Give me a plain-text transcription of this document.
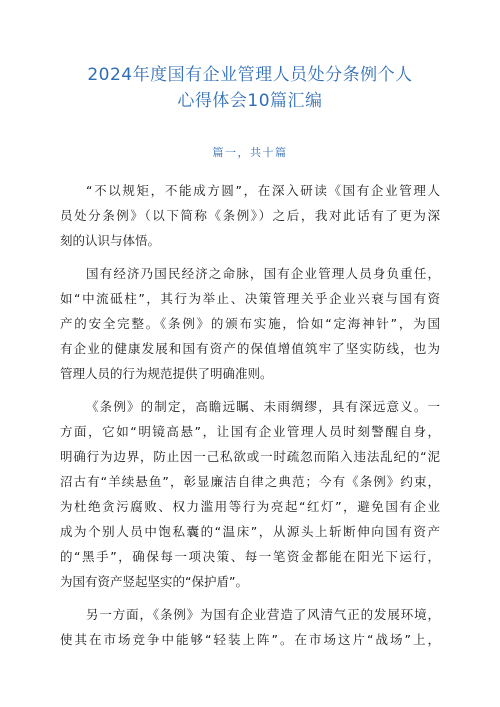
2024年度国有企业管理人员处分条例个人
心得体会10篇汇编
篇一，共十篇
“不以规矩，不能成方圆”，在深入研读《国有企业管理人
员处分条例》（以下简称《条例》）之后，我对此话有了更为深
刻的认识与体悟。
国有经济乃国民经济之命脉，国有企业管理人员身负重任，
如“中流砥柱”，其行为举止、决策管理关乎企业兴衰与国有资
产的安全完整。《条例》的颁布实施，恰如“定海神针”，为国
有企业的健康发展和国有资产的保值增值筑牢了坚实防线，也为
管理人员的行为规范提供了明确准则。
《条例》的制定，高瞻远瞩、未雨绸缪，具有深远意义。一
方面，它如“明镜高悬”，让国有企业管理人员时刻警醒自身，
明确行为边界，防止因一己私欲或一时疏忽而陷入违法乱纪的“泥
沼古有“羊续悬鱼”，彰显廉洁自律之典范；今有《条例》约束，
为杜绝贪污腐败、权力滥用等行为亮起“红灯”，避免国有企业
成为个别人员中饱私囊的“温床”，从源头上斩断伸向国有资产
的“黑手”，确保每一项决策、每一笔资金都能在阳光下运行，
为国有资产竖起坚实的“保护盾”。
另一方面，《条例》为国有企业营造了风清气正的发展环境，
使其在市场竞争中能够“轻装上阵”。在市场这片“战场”上，
